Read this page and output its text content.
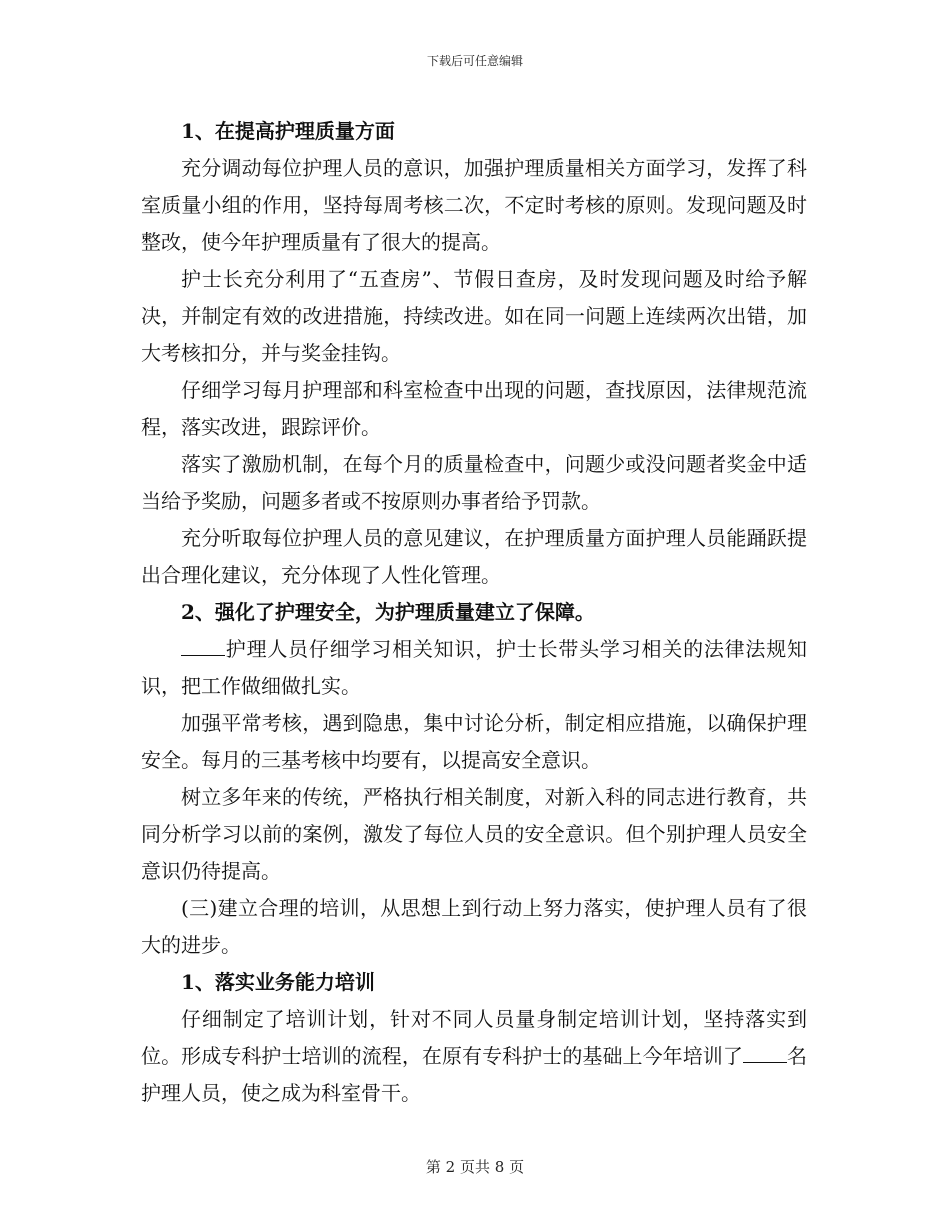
下载后可任意编辑

1、在提高护理质量方面

充分调动每位护理人员的意识，加强护理质量相关方面学习，发挥了科室质量小组的作用，坚持每周考核二次，不定时考核的原则。发现问题及时整改，使今年护理质量有了很大的提高。

护士长充分利用了“五查房”、节假日查房，及时发现问题及时给予解决，并制定有效的改进措施，持续改进。如在同一问题上连续两次出错，加大考核扣分，并与奖金挂钩。

仔细学习每月护理部和科室检查中出现的问题，查找原因，法律规范流程，落实改进，跟踪评价。

落实了激励机制，在每个月的质量检查中，问题少或没问题者奖金中适当给予奖励，问题多者或不按原则办事者给予罚款。

充分听取每位护理人员的意见建议，在护理质量方面护理人员能踊跃提出合理化建议，充分体现了人性化管理。

2、强化了护理安全，为护理质量建立了保障。

护理人员仔细学习相关知识，护士长带头学习相关的法律法规知识，把工作做细做扎实。

加强平常考核，遇到隐患，集中讨论分析，制定相应措施，以确保护理安全。每月的三基考核中均要有，以提高安全意识。

树立多年来的传统，严格执行相关制度，对新入科的同志进行教育，共同分析学习以前的案例，激发了每位人员的安全意识。但个别护理人员安全意识仍待提高。

(三)建立合理的培训，从思想上到行动上努力落实，使护理人员有了很大的进步。

1、落实业务能力培训

仔细制定了培训计划，针对不同人员量身制定培训计划，坚持落实到位。形成专科护士培训的流程，在原有专科护士的基础上今年培训了 名护理人员，使之成为科室骨干。

第 2 页共 8 页
